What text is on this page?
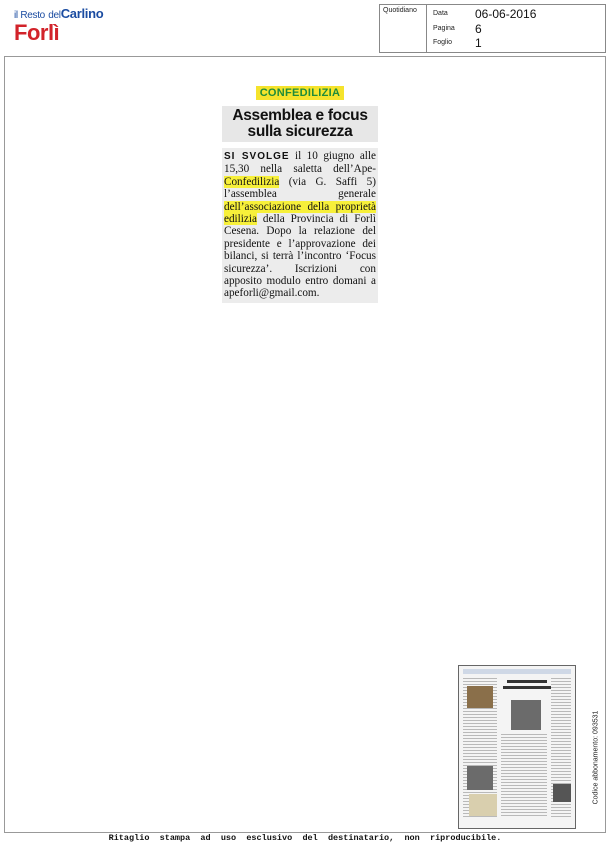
il Resto delCarlino
Forlì
Quotidiano	Data 06-06-2016
Pagina 6
Foglio 1
CONFEDILIZIA
Assemblea e focus
sulla sicurezza
SI SVOLGE il 10 giugno alle 15,30 nella saletta dell’Ape-Confedilizia (via G. Saffi 5) l’assemblea generale dell’associazione della proprietà edilizia della Provincia di Forlì Cesena. Dopo la relazione del presidente e l’approvazione dei bilanci, si terrà l’incontro ‘Focus sicurezza’. Iscrizioni con apposito modulo entro domani a apeforli@gmail.com.
Codice abbonamento: 093531
Ritaglio  stampa  ad  uso  esclusivo  del  destinatario,  non  riproducibile.
